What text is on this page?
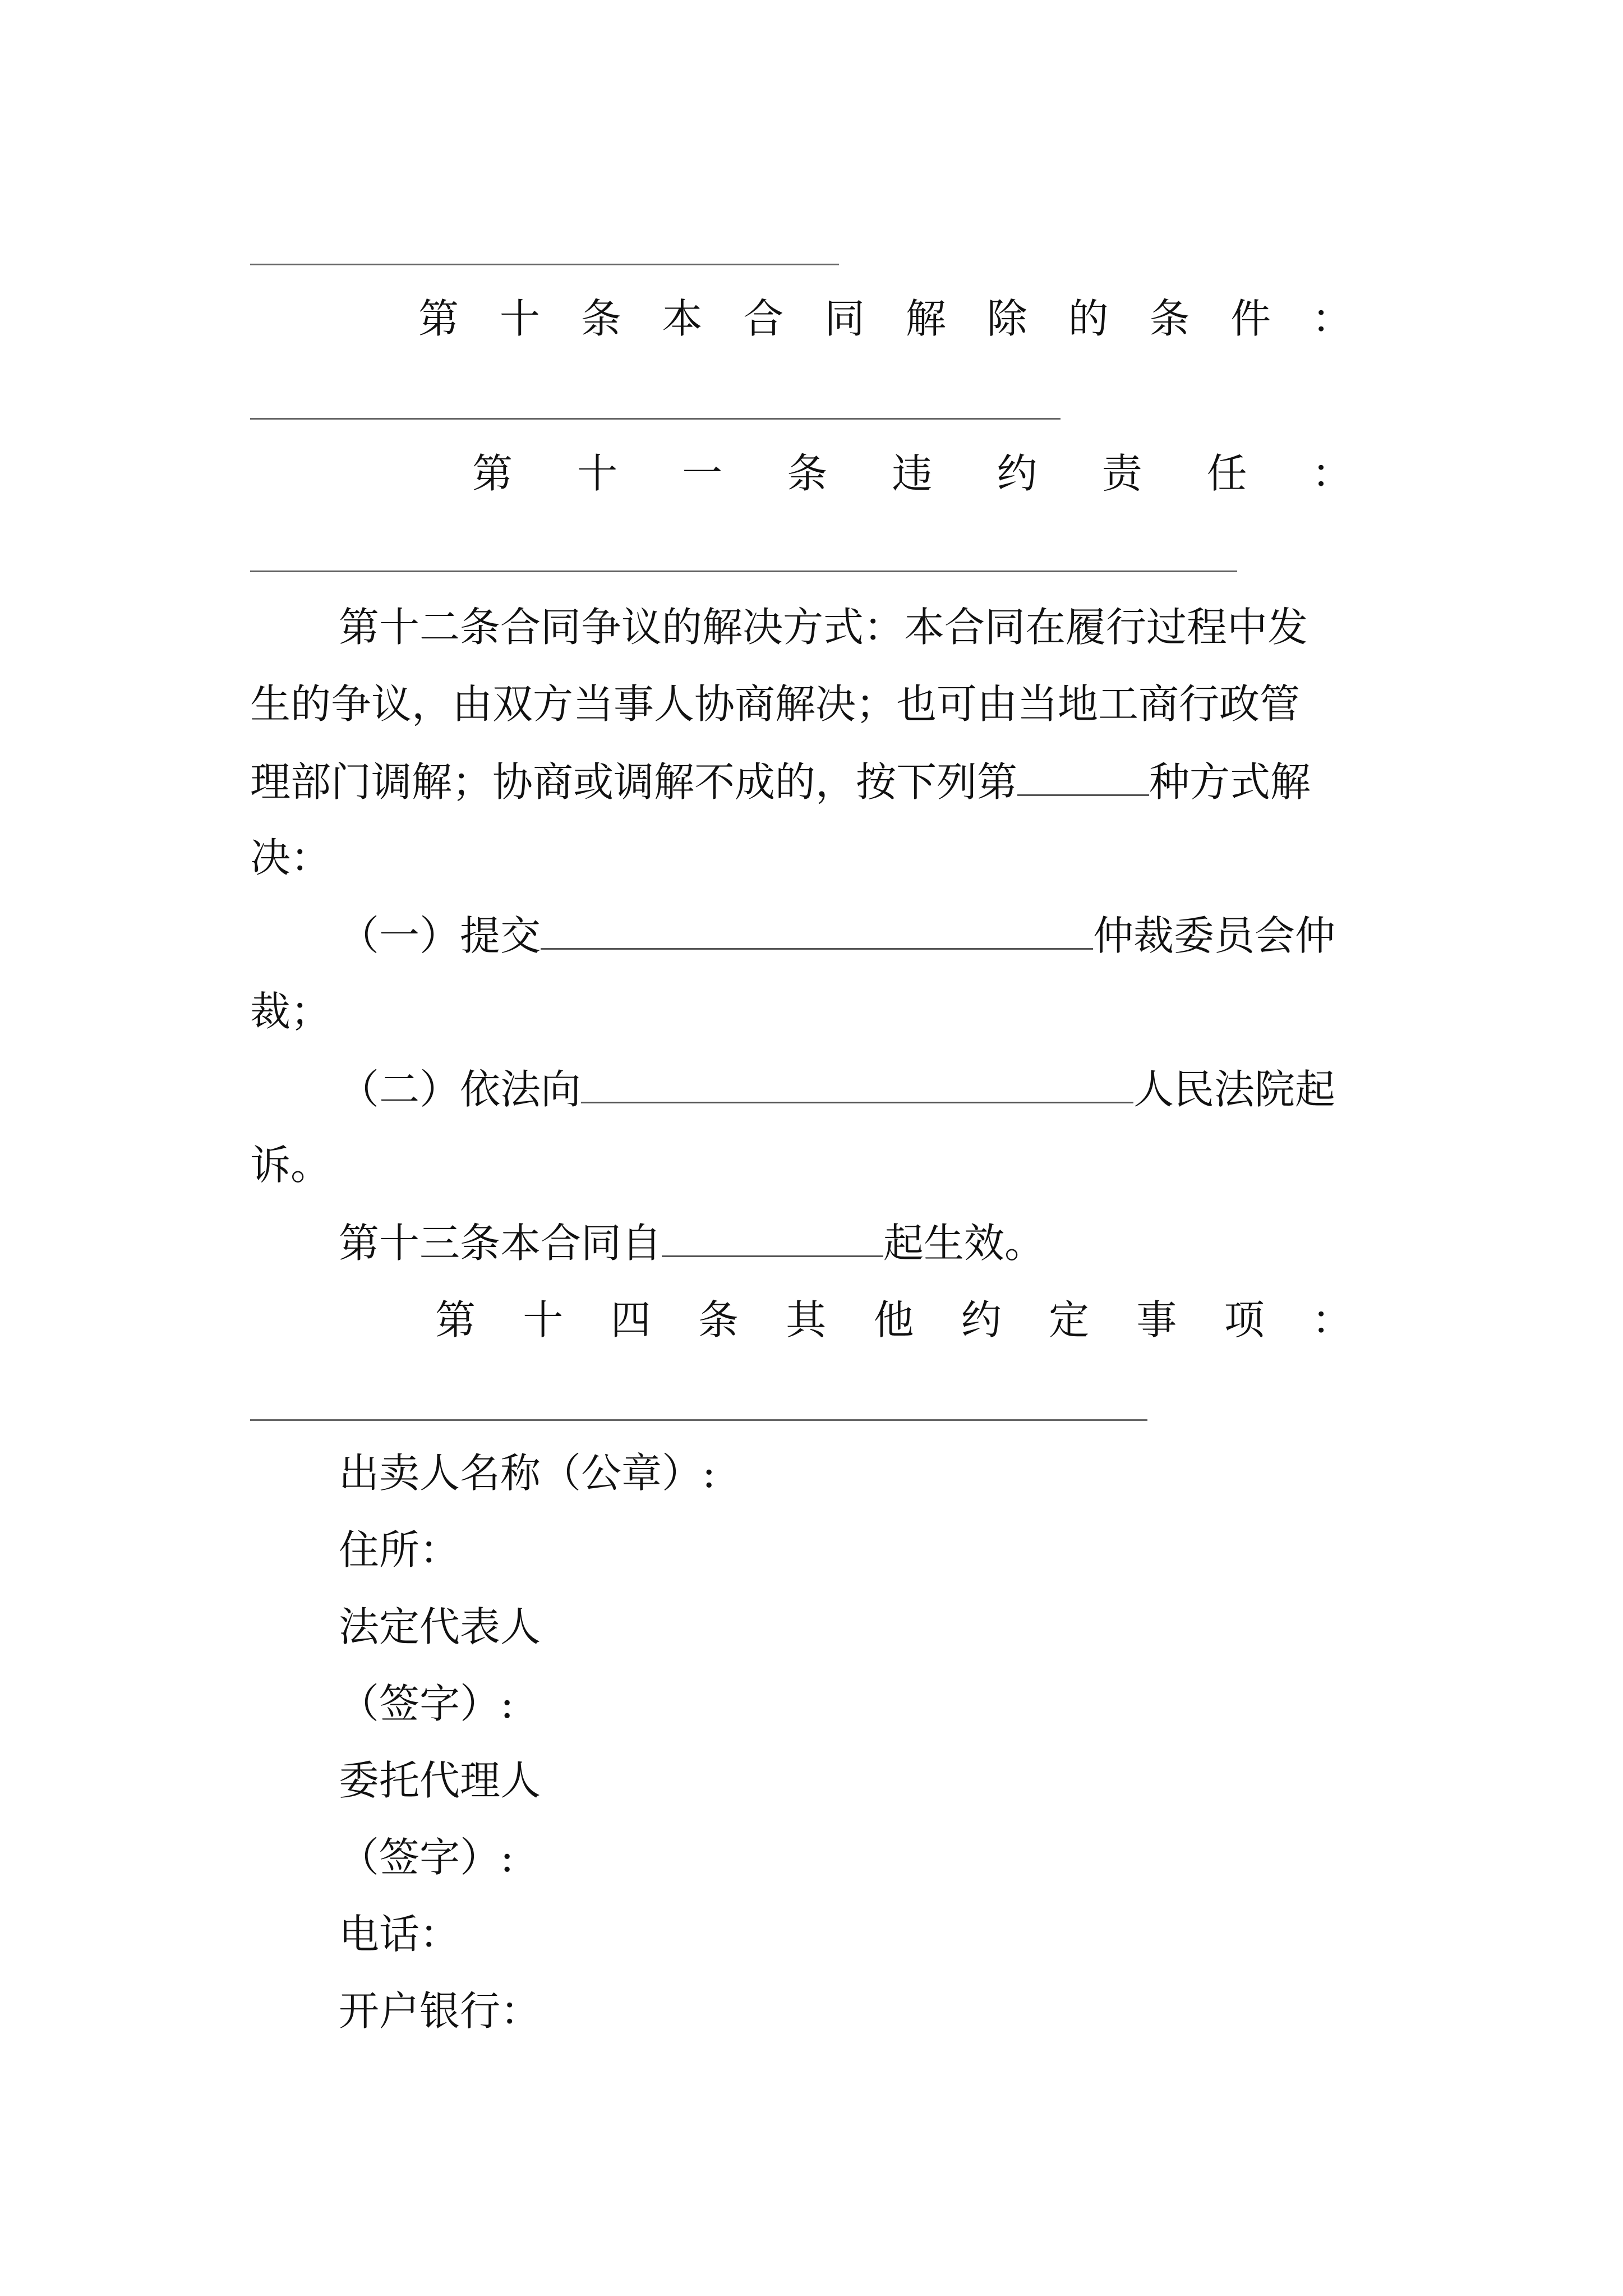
第 十 条 本 合 同 解 除 的 条 件 ：
第 十 一 条 违 约 责 任 ：
第十二条合同争议的解决方式：本合同在履行过程中发
生的争议，由双方当事人协商解决；也可由当地工商行政管
理部门调解；协商或调解不成的，按下列第	种方式解
决：
（一）提交	仲裁委员会仲
裁；
（二）依法向	人民法院起
诉。
第十三条本合同自	起生效。
第 十 四 条 其 他 约 定 事 项 ：
出卖人名称（公章）:
住所：
法定代表人
（签字）:
委托代理人
（签字）:
电话：
开户银行：
